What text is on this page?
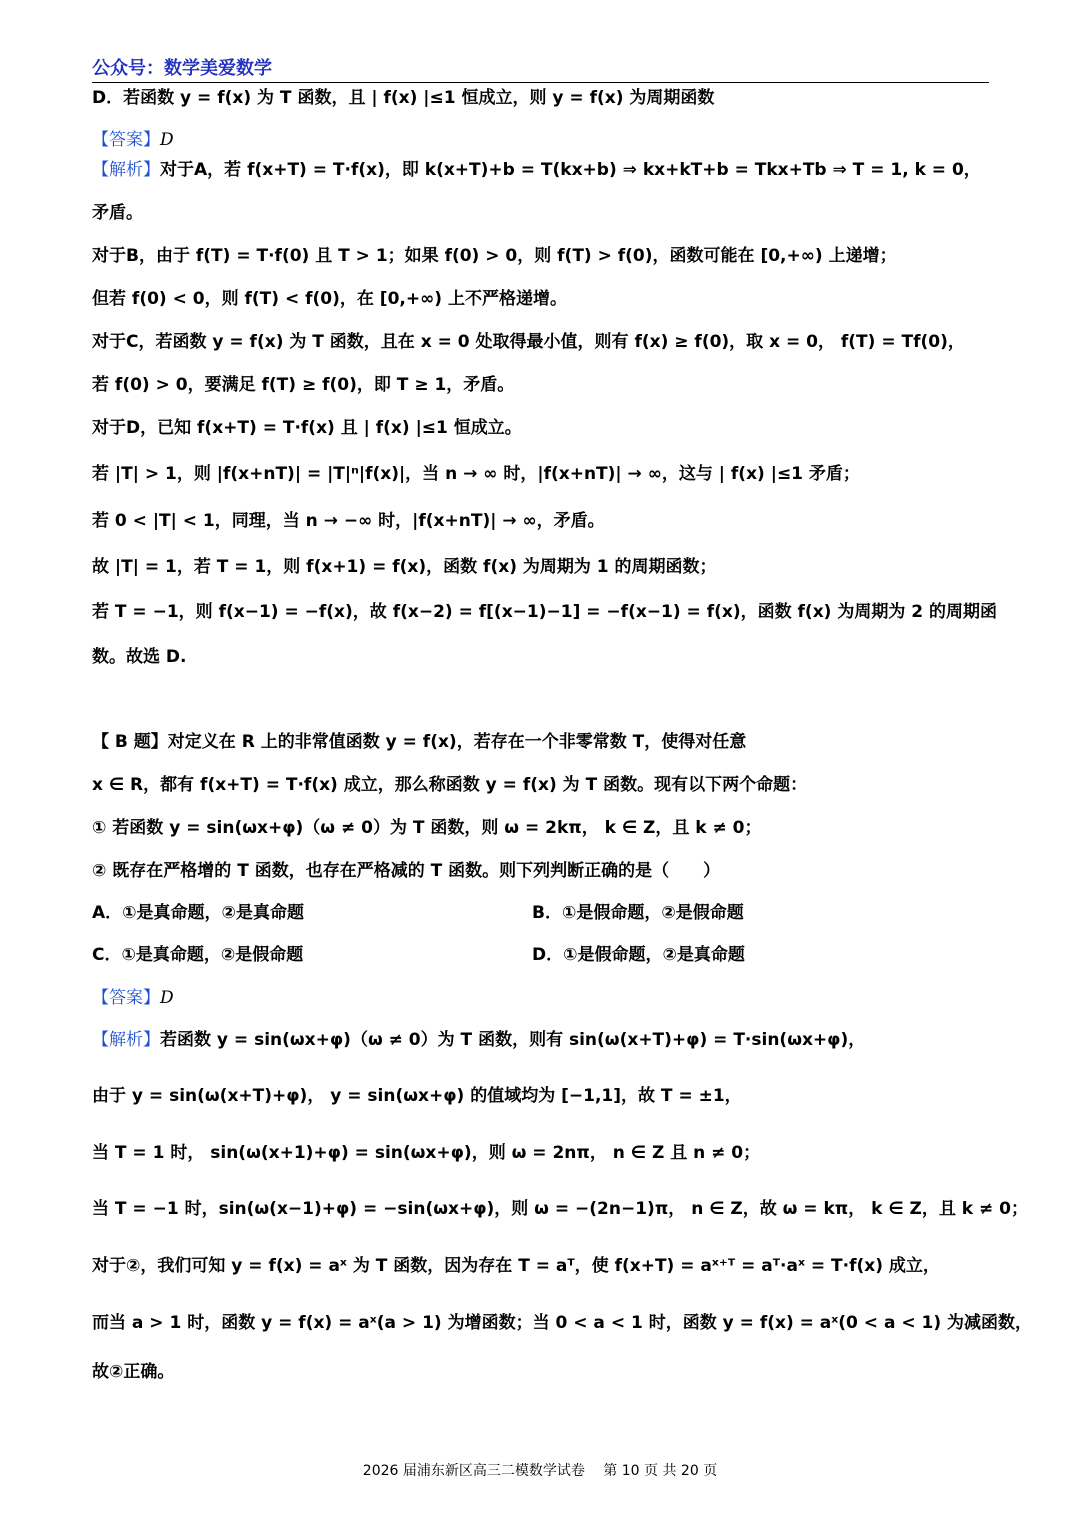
公众号：数学美爱数学
D．若函数 y = f(x) 为 T 函数，且 | f(x) |≤1 恒成立，则 y = f(x) 为周期函数
【答案】D
【解析】对于A，若 f(x+T) = T·f(x)，即 k(x+T)+b = T(kx+b) ⇒ kx+kT+b = Tkx+Tb ⇒ T = 1, k = 0，
矛盾。
对于B，由于 f(T) = T·f(0) 且 T > 1；如果 f(0) > 0，则 f(T) > f(0)，函数可能在 [0,+∞) 上递增；
但若 f(0) < 0，则 f(T) < f(0)，在 [0,+∞) 上不严格递增。
对于C，若函数 y = f(x) 为 T 函数，且在 x = 0 处取得最小值，则有 f(x) ≥ f(0)，取 x = 0， f(T) = Tf(0)，
若 f(0) > 0，要满足 f(T) ≥ f(0)，即 T ≥ 1，矛盾。
对于D，已知 f(x+T) = T·f(x) 且 | f(x) |≤1 恒成立。
若 |T| > 1，则 |f(x+nT)| = |T|ⁿ|f(x)|，当 n → ∞ 时，|f(x+nT)| → ∞，这与 | f(x) |≤1 矛盾；
若 0 < |T| < 1，同理，当 n → −∞ 时，|f(x+nT)| → ∞，矛盾。
故 |T| = 1，若 T = 1，则 f(x+1) = f(x)，函数 f(x) 为周期为 1 的周期函数；
若 T = −1，则 f(x−1) = −f(x)，故 f(x−2) = f[(x−1)−1] = −f(x−1) = f(x)，函数 f(x) 为周期为 2 的周期函
数。故选 D.
【 B 题】对定义在 R 上的非常值函数 y = f(x)，若存在一个非零常数 T，使得对任意
x ∈ R，都有 f(x+T) = T·f(x) 成立，那么称函数 y = f(x) 为 T 函数。现有以下两个命题：
① 若函数 y = sin(ωx+φ)（ω ≠ 0）为 T 函数，则 ω = 2kπ， k ∈ Z，且 k ≠ 0；
② 既存在严格增的 T 函数，也存在严格减的 T 函数。则下列判断正确的是（　　）
A．①是真命题，②是真命题	B．①是假命题，②是假命题
C．①是真命题，②是假命题	D．①是假命题，②是真命题
【答案】D
【解析】若函数 y = sin(ωx+φ)（ω ≠ 0）为 T 函数，则有 sin(ω(x+T)+φ) = T·sin(ωx+φ)，
由于 y = sin(ω(x+T)+φ)， y = sin(ωx+φ) 的值域均为 [−1,1]，故 T = ±1，
当 T = 1 时， sin(ω(x+1)+φ) = sin(ωx+φ)，则 ω = 2nπ， n ∈ Z 且 n ≠ 0；
当 T = −1 时，sin(ω(x−1)+φ) = −sin(ωx+φ)，则 ω = −(2n−1)π， n ∈ Z，故 ω = kπ， k ∈ Z，且 k ≠ 0；
对于②，我们可知 y = f(x) = aˣ 为 T 函数，因为存在 T = aᵀ，使 f(x+T) = aˣ⁺ᵀ = aᵀ·aˣ = T·f(x) 成立，
而当 a > 1 时，函数 y = f(x) = aˣ(a > 1) 为增函数；当 0 < a < 1 时，函数 y = f(x) = aˣ(0 < a < 1) 为减函数，
故②正确。
2026 届浦东新区高三二模数学试卷　 第 10 页 共 20 页
